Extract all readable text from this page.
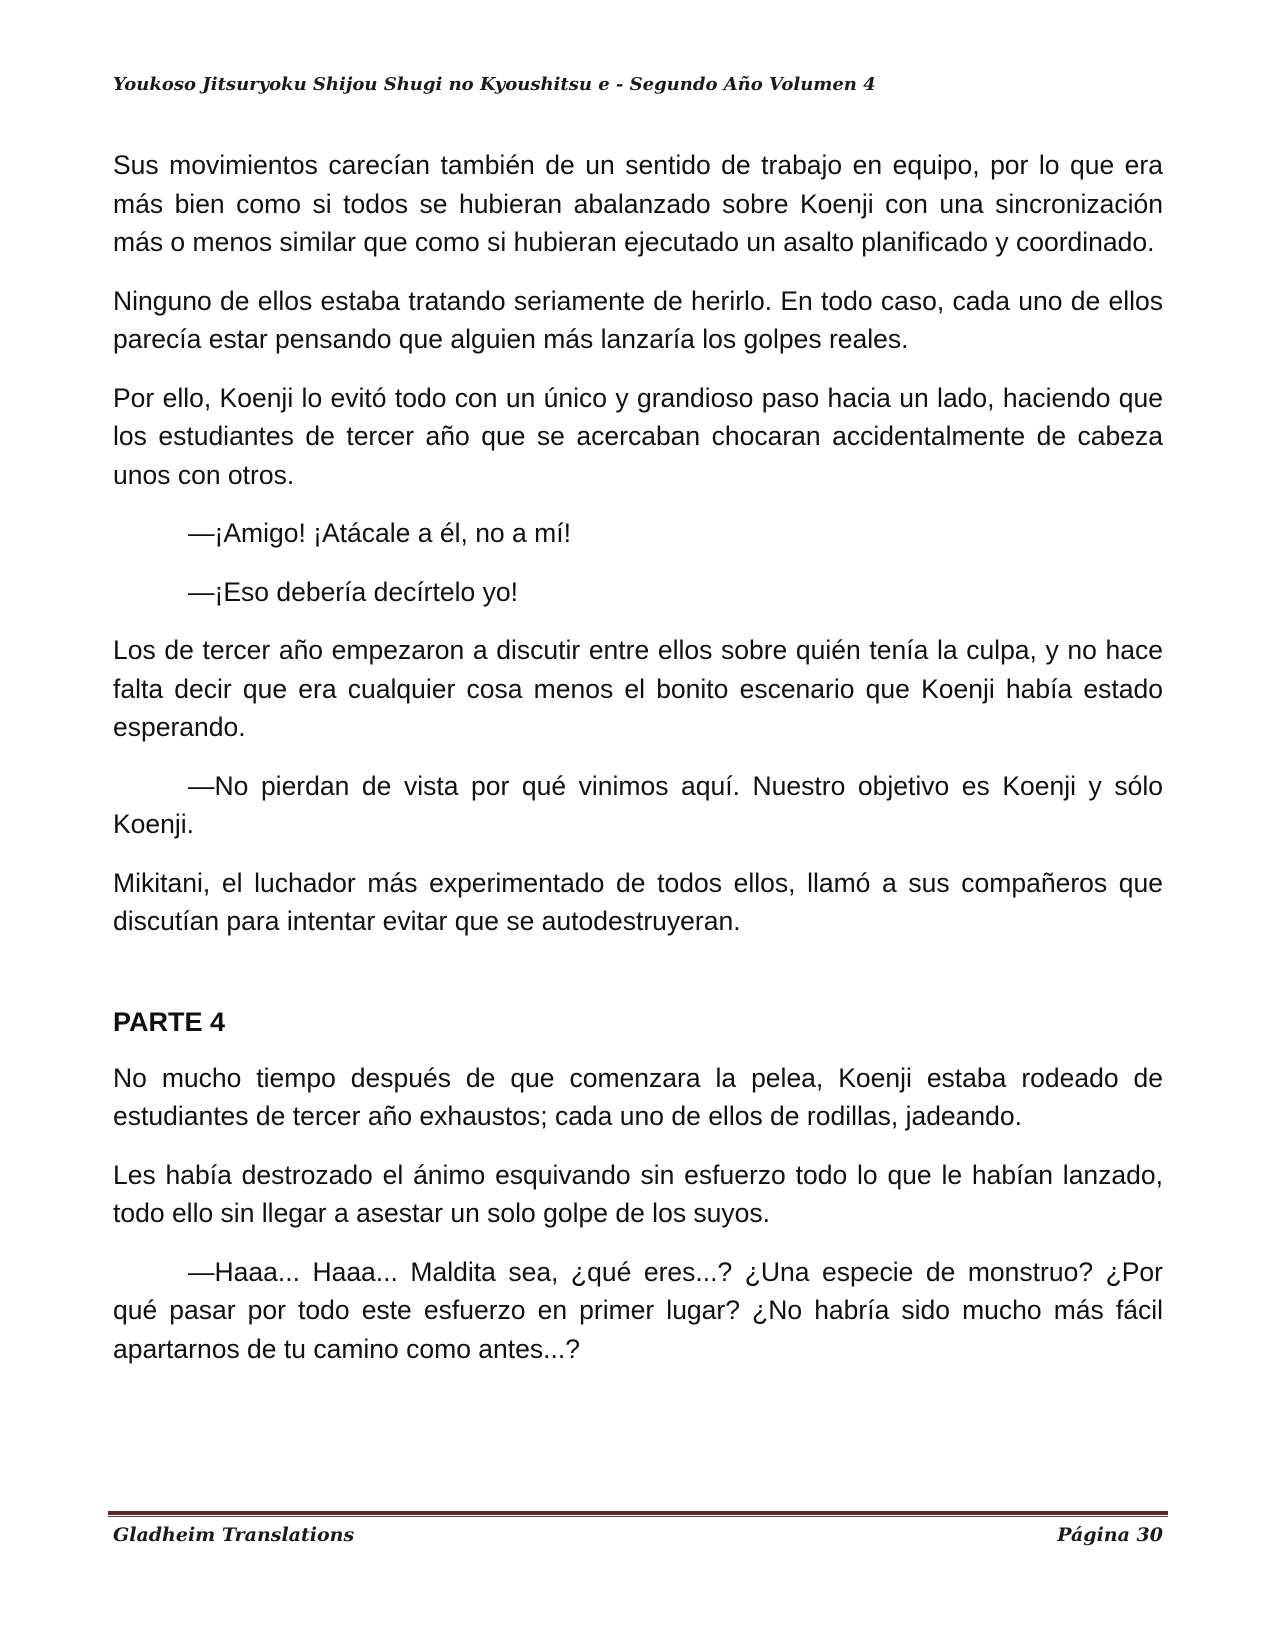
Youkoso Jitsuryoku Shijou Shugi no Kyoushitsu e - Segundo Año Volumen 4

Sus movimientos carecían también de un sentido de trabajo en equipo, por lo que era más bien como si todos se hubieran abalanzado sobre Koenji con una sincronización más o menos similar que como si hubieran ejecutado un asalto planificado y coordinado.

Ninguno de ellos estaba tratando seriamente de herirlo. En todo caso, cada uno de ellos parecía estar pensando que alguien más lanzaría los golpes reales.

Por ello, Koenji lo evitó todo con un único y grandioso paso hacia un lado, haciendo que los estudiantes de tercer año que se acercaban chocaran accidentalmente de cabeza unos con otros.

—¡Amigo! ¡Atácale a él, no a mí!

—¡Eso debería decírtelo yo!

Los de tercer año empezaron a discutir entre ellos sobre quién tenía la culpa, y no hace falta decir que era cualquier cosa menos el bonito escenario que Koenji había estado esperando.

—No pierdan de vista por qué vinimos aquí. Nuestro objetivo es Koenji y sólo Koenji.

Mikitani, el luchador más experimentado de todos ellos, llamó a sus compañeros que discutían para intentar evitar que se autodestruyeran.

PARTE 4

No mucho tiempo después de que comenzara la pelea, Koenji estaba rodeado de estudiantes de tercer año exhaustos; cada uno de ellos de rodillas, jadeando.

Les había destrozado el ánimo esquivando sin esfuerzo todo lo que le habían lanzado, todo ello sin llegar a asestar un solo golpe de los suyos.

—Haaa... Haaa... Maldita sea, ¿qué eres...? ¿Una especie de monstruo? ¿Por qué pasar por todo este esfuerzo en primer lugar? ¿No habría sido mucho más fácil apartarnos de tu camino como antes...?

Gladheim Translations	Página 30
